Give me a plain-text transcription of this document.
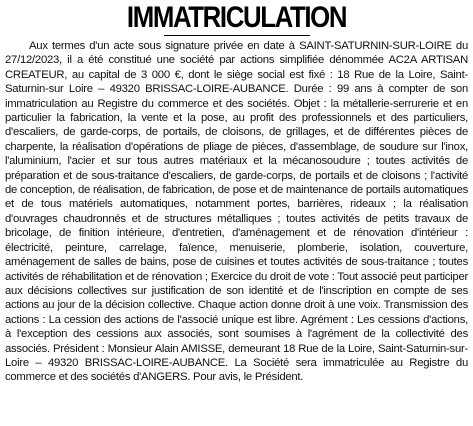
IMMATRICULATION

Aux termes d'un acte sous signature privée en date à SAINT-SATURNIN-SUR-LOIRE du 27/12/2023, il a été constitué une société par actions simplifiée dénommée AC2A ARTISAN CREATEUR, au capital de 3 000 €, dont le siège social est fixé : 18 Rue de la Loire, Saint-Saturnin-sur Loire – 49320 BRISSAC-LOIRE-AUBANCE. Durée : 99 ans à compter de son immatriculation au Registre du commerce et des sociétés. Objet : la métallerie-serrurerie et en particulier la fabrication, la vente et la pose, au profit des professionnels et des particuliers, d'escaliers, de garde-corps, de portails, de cloisons, de grillages, et de différentes pièces de charpente, la réalisation d'opérations de pliage de pièces, d'assemblage, de soudure sur l'inox, l'aluminium, l'acier et sur tous autres matériaux et la mécanosoudure ; toutes activités de préparation et de sous-traitance d'escaliers, de garde-corps, de portails et de cloisons ; l'activité de conception, de réalisation, de fabrication, de pose et de maintenance de portails automatiques et de tous matériels automatiques, notamment portes, barrières, rideaux ; la réalisation d'ouvrages chaudronnés et de structures métalliques ; toutes activités de petits travaux de bricolage, de finition intérieure, d'entretien, d'aménagement et de rénovation d'intérieur : électricité, peinture, carrelage, faïence, menuiserie, plomberie, isolation, couverture, aménagement de salles de bains, pose de cuisines et toutes activités de sous-traitance ; toutes activités de réhabilitation et de rénovation ; Exercice du droit de vote : Tout associé peut participer aux décisions collectives sur justification de son identité et de l'inscription en compte de ses actions au jour de la décision collective. Chaque action donne droit à une voix. Transmission des actions : La cession des actions de l'associé unique est libre. Agrément : Les cessions d'actions, à l'exception des cessions aux associés, sont soumises à l'agrément de la collectivité des associés. Président : Monsieur Alain AMISSE, demeurant 18 Rue de la Loire, Saint-Saturnin-sur-Loire – 49320 BRISSAC-LOIRE-AUBANCE. La Société sera immatriculée au Registre du commerce et des sociétés d'ANGERS. Pour avis, le Président.
